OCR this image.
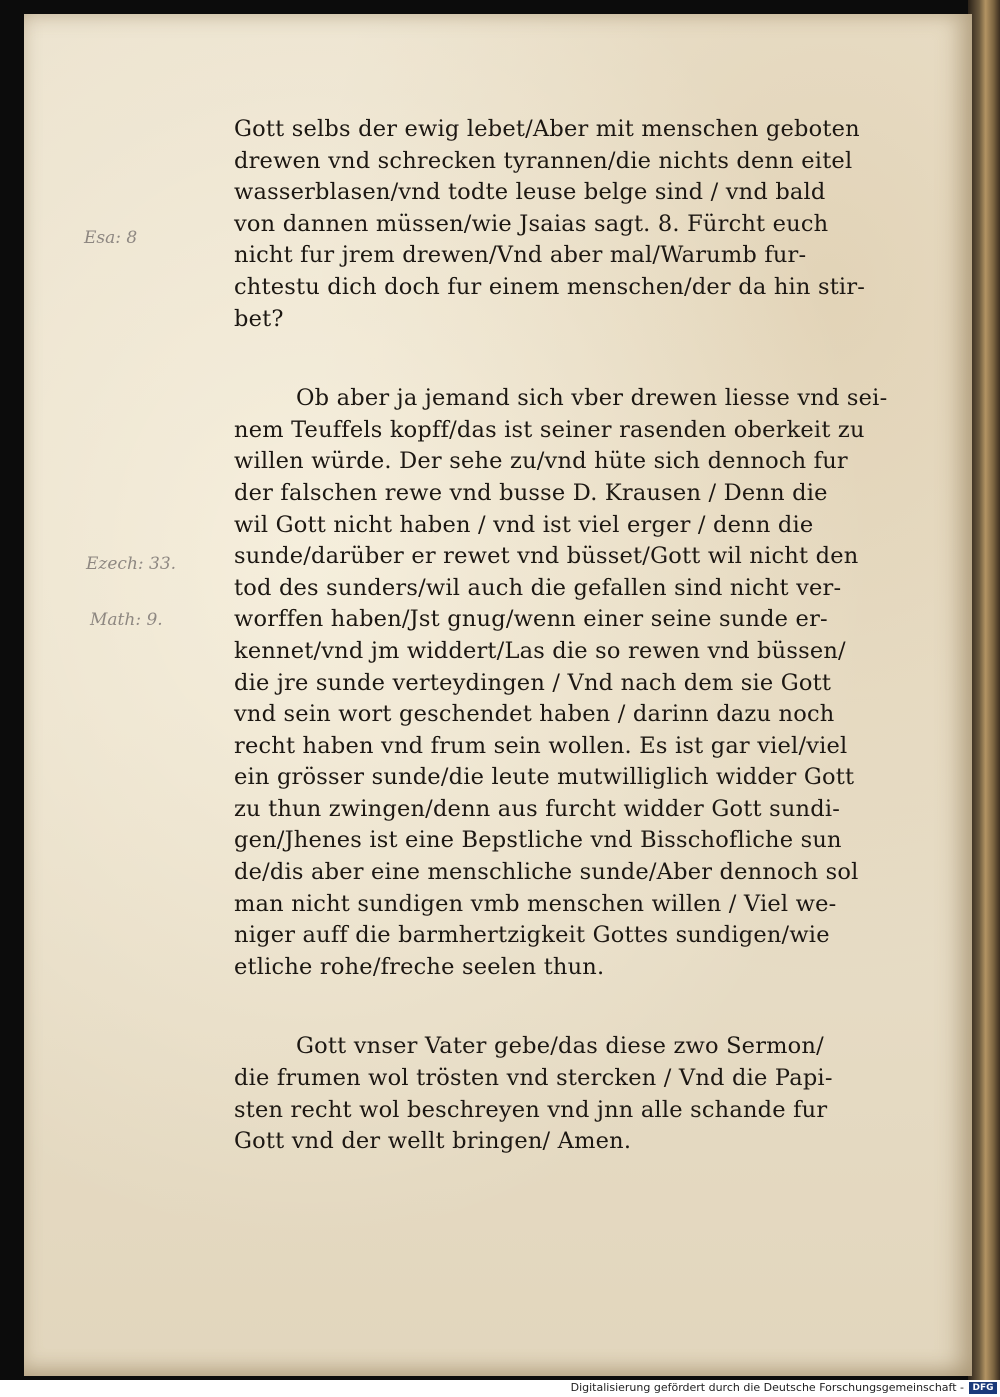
Esa: 8
Ezech: 33.
Math: 9.
Gott selbs der ewig lebet/Aber mit menschen geboten
drewen vnd schrecken tyrannen/die nichts denn eitel
wasserblasen/vnd todte leuse belge sind / vnd bald
von dannen müssen/wie Jsaias sagt. 8. Fürcht euch
nicht fur jrem drewen/Vnd aber mal/Warumb fur-
chtestu dich doch fur einem menschen/der da hin stir-
bet?
Ob aber ja jemand sich vber drewen liesse vnd sei-
nem Teuffels kopff/das ist seiner rasenden oberkeit zu
willen würde. Der sehe zu/vnd hüte sich dennoch fur
der falschen rewe vnd busse D. Krausen / Denn die
wil Gott nicht haben / vnd ist viel erger / denn die
sunde/darüber er rewet vnd büsset/Gott wil nicht den
tod des sunders/wil auch die gefallen sind nicht ver-
worffen haben/Jst gnug/wenn einer seine sunde er-
kennet/vnd jm widdert/Las die so rewen vnd büssen/
die jre sunde verteydingen / Vnd nach dem sie Gott
vnd sein wort geschendet haben / darinn dazu noch
recht haben vnd frum sein wollen. Es ist gar viel/viel
ein grösser sunde/die leute mutwilliglich widder Gott
zu thun zwingen/denn aus furcht widder Gott sundi-
gen/Jhenes ist eine Bepstliche vnd Bisschofliche sun
de/dis aber eine menschliche sunde/Aber dennoch sol
man nicht sundigen vmb menschen willen / Viel we-
niger auff die barmhertzigkeit Gottes sundigen/wie
etliche rohe/freche seelen thun.
Gott vnser Vater gebe/das diese zwo Sermon/
die frumen wol trösten vnd stercken / Vnd die Papi-
sten recht wol beschreyen vnd jnn alle schande fur
Gott vnd der wellt bringen/ Amen.
Digitalisierung gefördert durch die Deutsche Forschungsgemeinschaft - DFG
